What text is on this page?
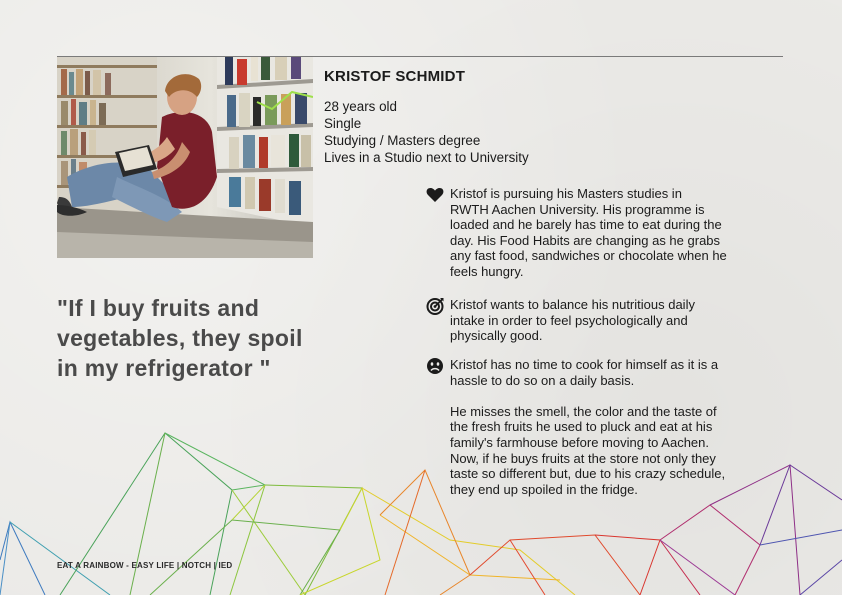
KRISTOF SCHMIDT
28 years old
Single
Studying / Masters degree
Lives in a Studio next to University
"If I buy fruits and
vegetables, they spoil
in my refrigerator "
Kristof is pursuing his Masters studies in
RWTH Aachen University. His programme is
loaded and he barely has time to eat during the
day. His Food Habits are changing as he grabs
any fast food, sandwiches or chocolate when he
feels hungry.
Kristof wants to balance his nutritious daily
intake in order to feel psychologically and
physically good.
Kristof has no time to cook for himself as it is a
hassle to do so on a daily basis.
He misses the smell, the color and the taste of
the fresh fruits he used to pluck and eat at his
family's farmhouse before moving to Aachen.
Now, if he buys fruits at the store not only they
taste so different but, due to his crazy schedule,
they end up spoiled in the fridge.
EAT A RAINBOW - EASY LIFE | NOTCH | IED
